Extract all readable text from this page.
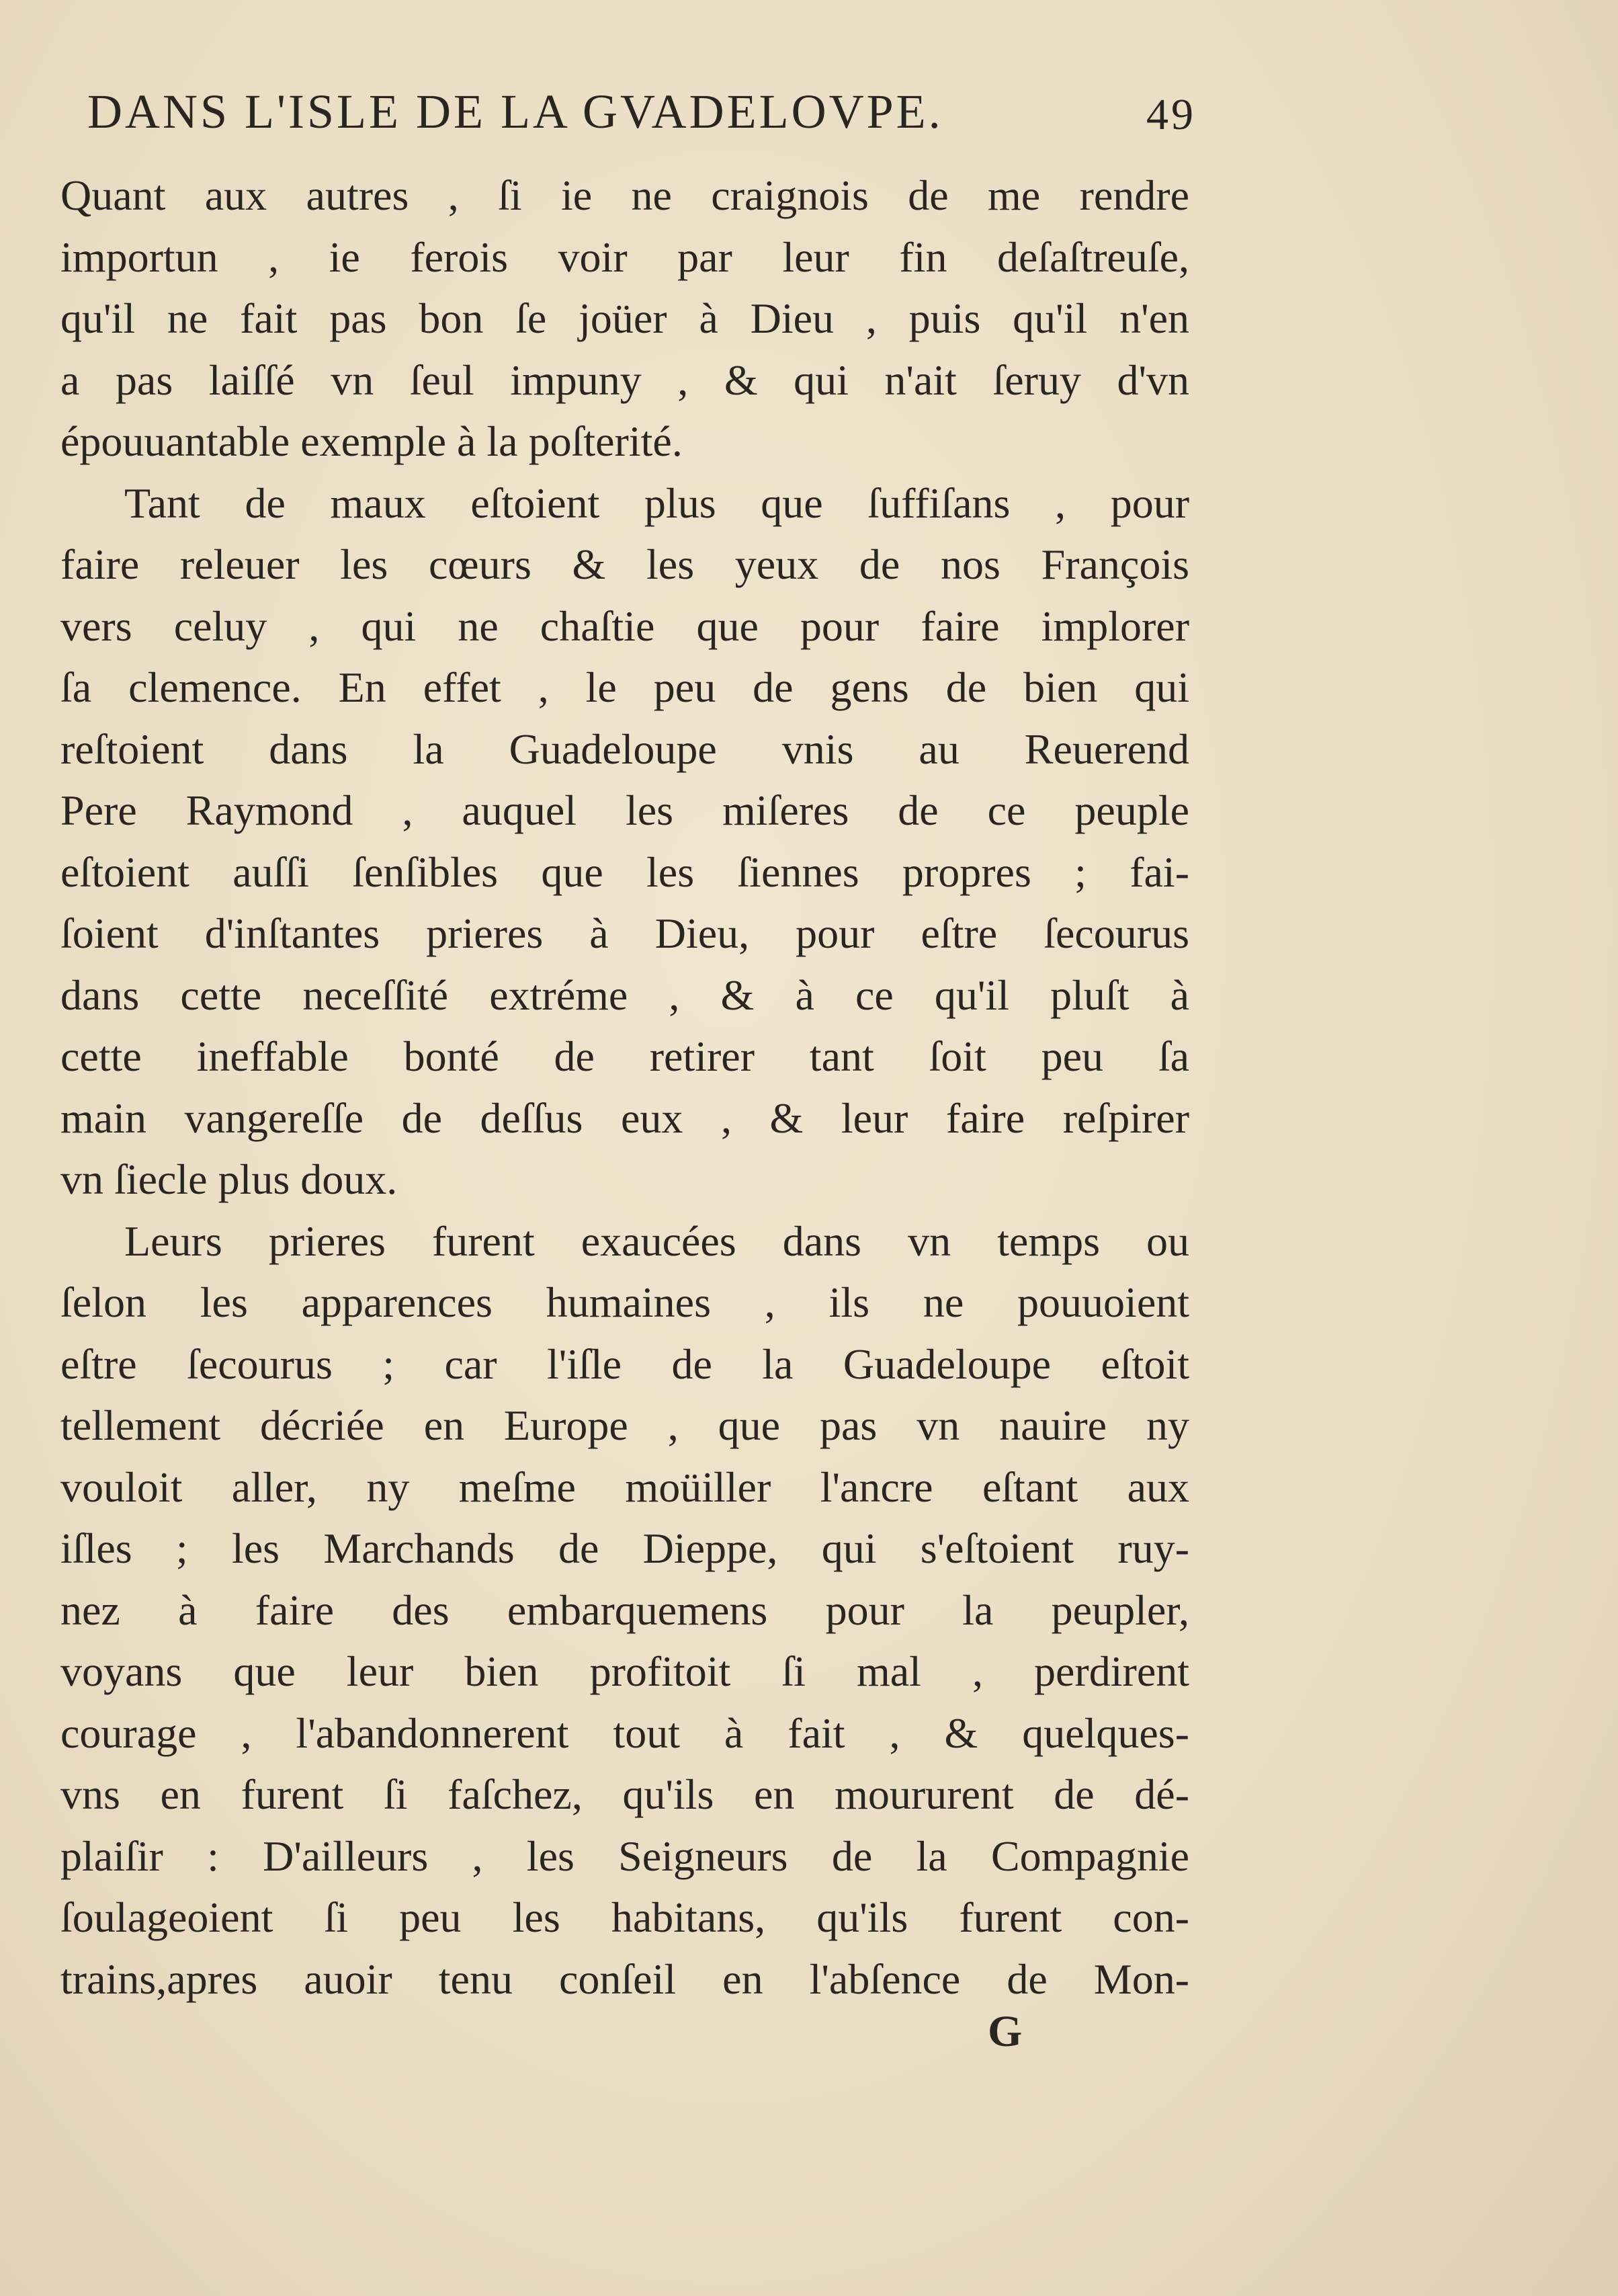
DANS L'ISLE DE LA GVADELOVPE.	49
Quant aux autres , ſi ie ne craignois de me rendre
importun , ie ferois voir par leur fin deſaſtreuſe,
qu'il ne fait pas bon ſe joüer à Dieu , puis qu'il n'en
a pas laiſſé vn ſeul impuny , & qui n'ait ſeruy d'vn
épouuantable exemple à la poſterité.
Tant de maux eſtoient plus que ſuffiſans , pour
faire releuer les cœurs & les yeux de nos François
vers celuy , qui ne chaſtie que pour faire implorer
ſa clemence. En effet , le peu de gens de bien qui
reſtoient dans la Guadeloupe vnis au Reuerend
Pere Raymond , auquel les miſeres de ce peuple
eſtoient auſſi ſenſibles que les ſiennes propres ; fai-
ſoient d'inſtantes prieres à Dieu, pour eſtre ſecourus
dans cette neceſſité extréme , & à ce qu'il pluſt à
cette ineffable bonté de retirer tant ſoit peu ſa
main vangereſſe de deſſus eux , & leur faire reſpirer
vn ſiecle plus doux.
Leurs prieres furent exaucées dans vn temps ou
ſelon les apparences humaines , ils ne pouuoient
eſtre ſecourus ; car l'iſle de la Guadeloupe eſtoit
tellement décriée en Europe , que pas vn nauire ny
vouloit aller, ny meſme moüiller l'ancre eſtant aux
iſles ; les Marchands de Dieppe, qui s'eſtoient ruy-
nez à faire des embarquemens pour la peupler,
voyans que leur bien profitoit ſi mal , perdirent
courage , l'abandonnerent tout à fait , & quelques-
vns en furent ſi faſchez, qu'ils en moururent de dé-
plaiſir : D'ailleurs , les Seigneurs de la Compagnie
ſoulageoient ſi peu les habitans, qu'ils furent con-
trains,apres auoir tenu conſeil en l'abſence de Mon-
G
